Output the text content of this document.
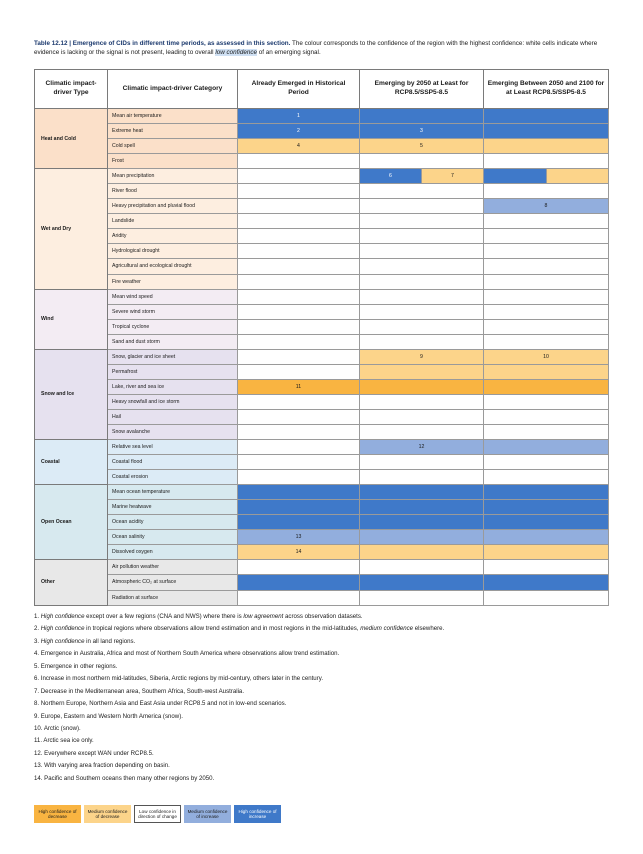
Table 12.12 | Emergence of CIDs in different time periods, as assessed in this section. The colour corresponds to the confidence of the region with the highest confidence: white cells indicate where evidence is lacking or the signal is not present, leading to overall low confidence of an emerging signal.
Climatic impact-driver Type	Climatic impact-driver Category	Already Emerged in Historical Period	Emerging by 2050 at Least for RCP8.5/SSP5-8.5	Emerging Between 2050 and 2100 for at Least RCP8.5/SSP5-8.5
Heat and Cold	Mean air temperature	1		
	Extreme heat	2	3	
	Cold spell	4	5	
	Frost			
Wet and Dry	Mean precipitation		6 7	

	River flood			
	Heavy precipitation and pluvial flood			8
	Landslide			
	Aridity			
	Hydrological drought			
	Agricultural and ecological drought			
	Fire weather			
Wind	Mean wind speed			
	Severe wind storm			
	Tropical cyclone			
	Sand and dust storm			
Snow and Ice	Snow, glacier and ice sheet		9	10
	Permafrost			
	Lake, river and sea ice	11		
	Heavy snowfall and ice storm			
	Hail			
	Snow avalanche			
Coastal	Relative sea level		12	
	Coastal flood			
	Coastal erosion			
Open Ocean	Mean ocean temperature			
	Marine heatwave			
	Ocean acidity			
	Ocean salinity	13		
	Dissolved oxygen	14		
Other	Air pollution weather			
	Atmospheric CO₂ at surface			
	Radiation at surface			
1. High confidence except over a few regions (CNA and NWS) where there is low agreement across observation datasets.
2. High confidence in tropical regions where observations allow trend estimation and in most regions in the mid-latitudes, medium confidence elsewhere.
3. High confidence in all land regions.
4. Emergence in Australia, Africa and most of Northern South America where observations allow trend estimation.
5. Emergence in other regions.
6. Increase in most northern mid-latitudes, Siberia, Arctic regions by mid-century, others later in the century.
7. Decrease in the Mediterranean area, Southern Africa, South-west Australia.
8. Northern Europe, Northern Asia and East Asia under RCP8.5 and not in low-end scenarios.
9. Europe, Eastern and Western North America (snow).
10. Arctic (snow).
11. Arctic sea ice only.
12. Everywhere except WAN under RCP8.5.
13. With varying area fraction depending on basin.
14. Pacific and Southern oceans then many other regions by 2050.
High confidence of decrease
Medium confidence of decrease
Low confidence in direction of change
Medium confidence of increase
High confidence of increase
